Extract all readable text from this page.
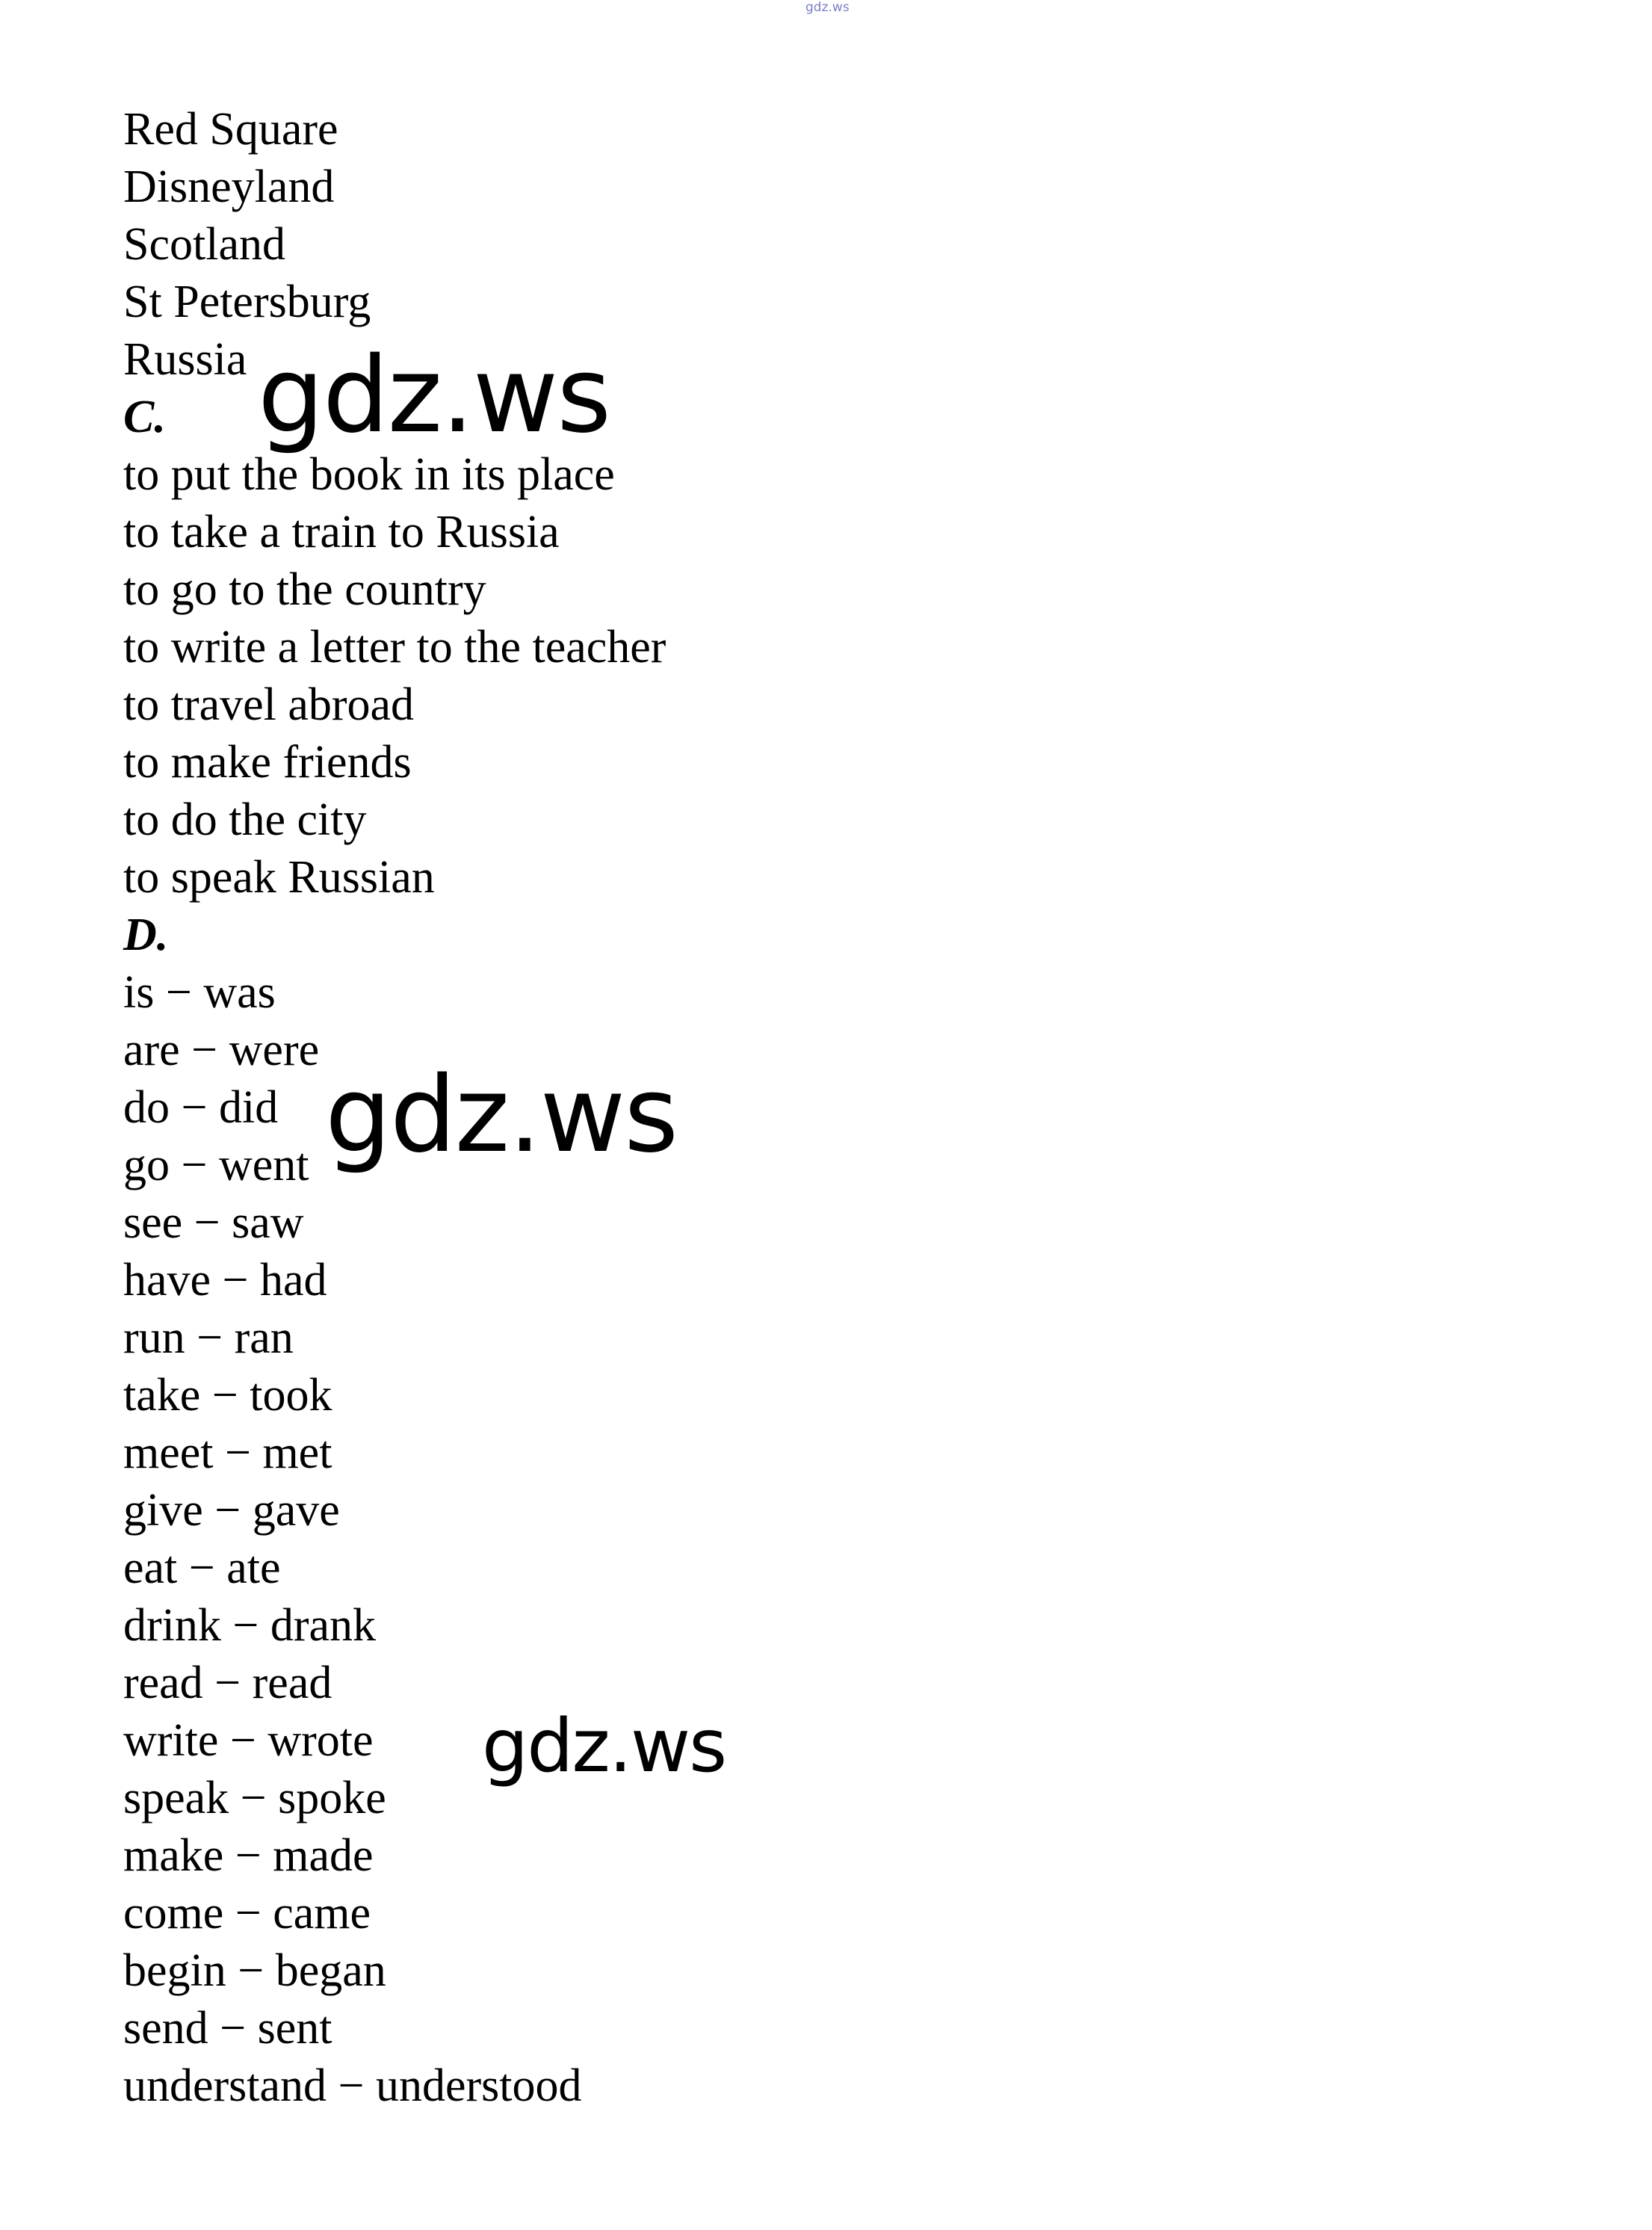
gdz.ws
Red Square
Disneyland
Scotland
St Petersburg
Russia
C.
to put the book in its place
to take a train to Russia
to go to the country
to write a letter to the teacher
to travel abroad
to make friends
to do the city
to speak Russian
D.
is − was
are − were
do − did
go − went
see − saw
have − had
run − ran
take − took
meet − met
give − gave
eat − ate
drink − drank
read − read
write − wrote
speak − spoke
make − made
come − came
begin − began
send − sent
understand − understood
gdz.ws
gdz.ws
gdz.ws
